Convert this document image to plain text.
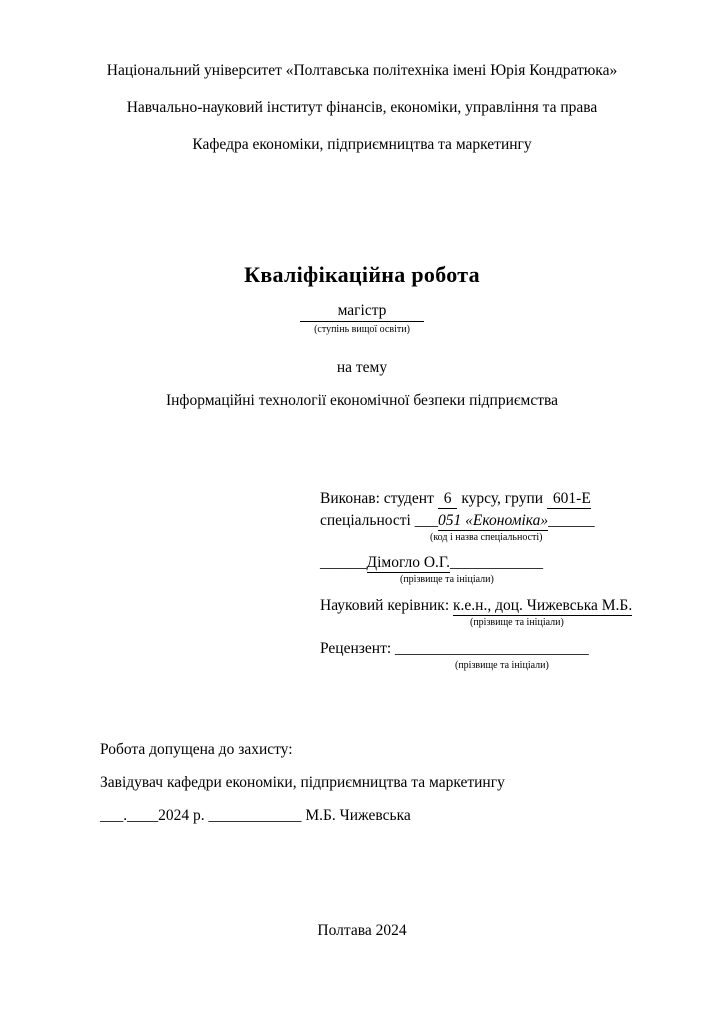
Національний університет «Полтавська політехніка імені Юрія Кондратюка»
Навчально-науковий інститут фінансів, економіки, управління та права
Кафедра економіки, підприємництва та маркетингу
Кваліфікаційна робота
магістр
(ступінь вищої освіти)
на тему
Інформаційні технології економічної безпеки підприємства
Виконав: студент 6 курсу, групи 601-Е
спеціальності ___051 «Економіка»______
(код і назва спеціальності)
______Дімогло О.Г.____________
(прізвище та ініціали)
Науковий керівник: к.е.н., доц. Чижевська М.Б.
(прізвище та ініціали)
Рецензент: _________________________
(прізвище та ініціали)
Робота допущена до захисту:
Завідувач кафедри економіки, підприємництва та маркетингу
___.____2024 р. ____________ М.Б. Чижевська
Полтава 2024
